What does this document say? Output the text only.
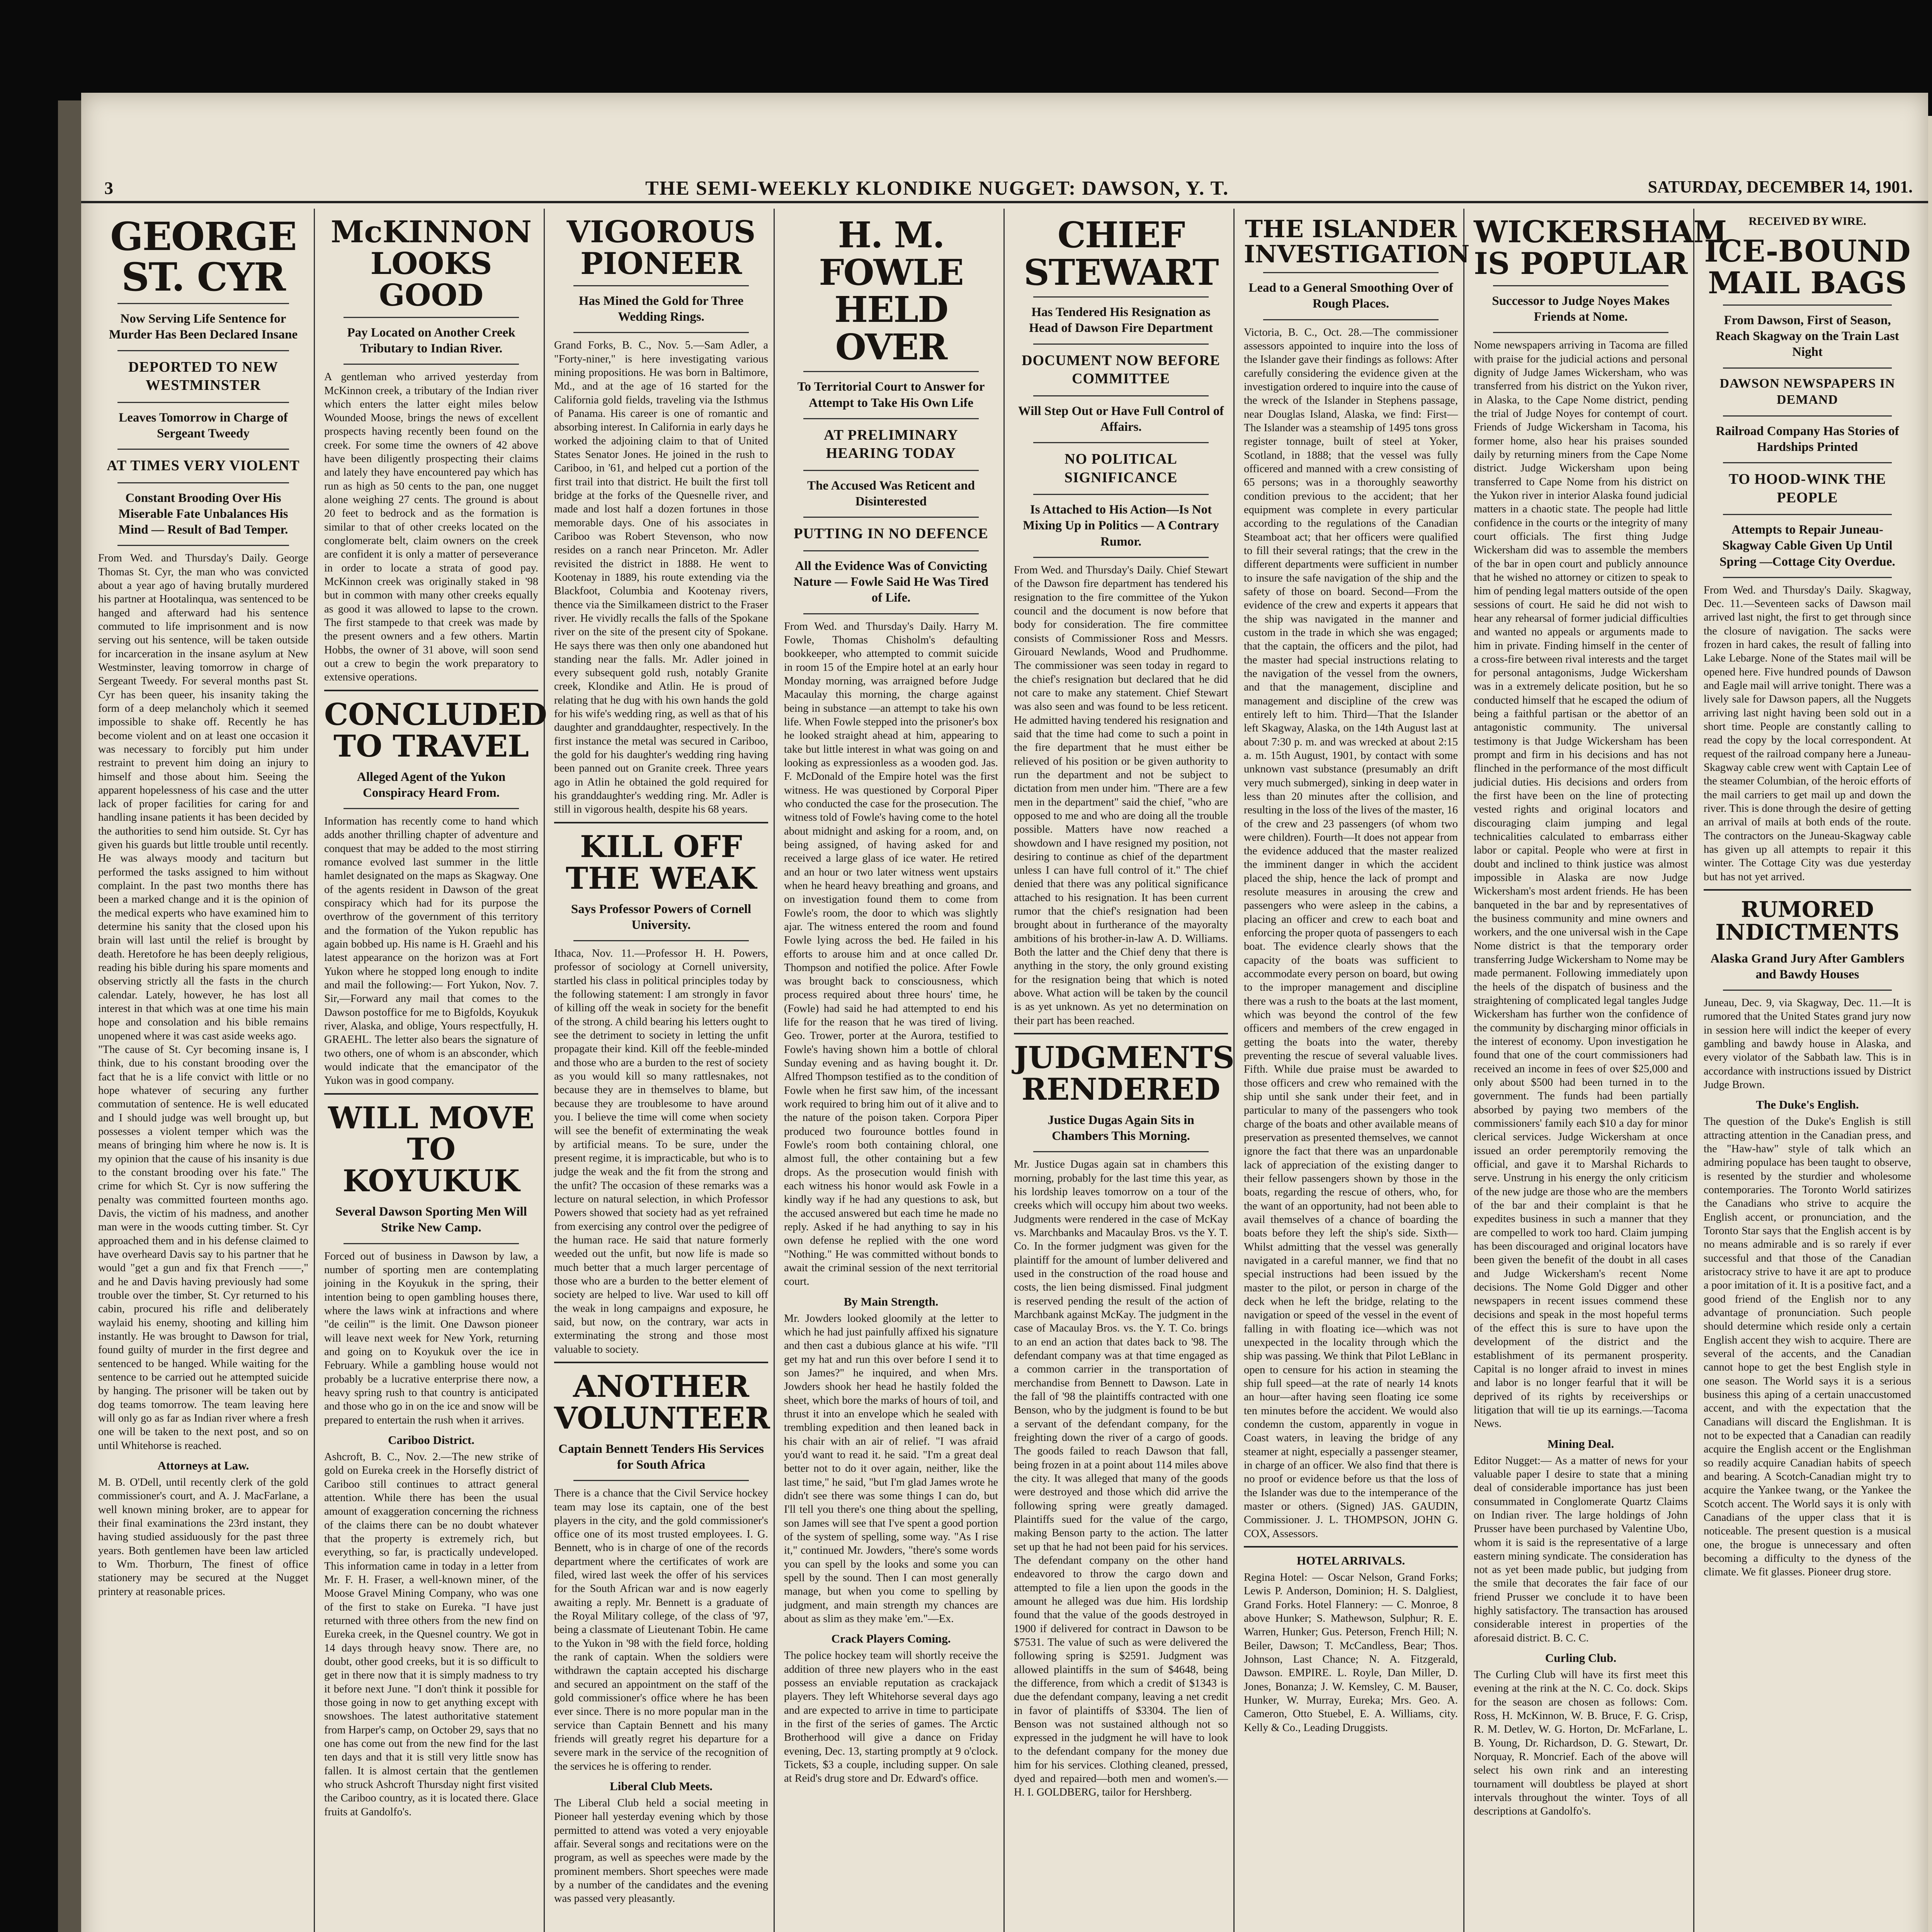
3	THE SEMI-WEEKLY KLONDIKE NUGGET: DAWSON, Y. T.	SATURDAY, DECEMBER 14, 1901.
GEORGE ST. CYR
Now Serving Life Sentence for Murder Has Been Declared Insane
DEPORTED TO NEW WESTMINSTER
Leaves Tomorrow in Charge of Sergeant Tweedy
AT TIMES VERY VIOLENT
Constant Brooding Over His Miserable Fate Unbalances His Mind — Result of Bad Temper.

From Wed. and Thursday's Daily. George Thomas St. Cyr, the man who was convicted about a year ago of having brutally murdered his partner at Hootalinqua, was sentenced to be hanged and afterward had his sentence commuted to life imprisonment and is now serving out his sentence, will be taken outside for incarceration in the insane asylum at New Westminster, leaving tomorrow in charge of Sergeant Tweedy. For several months past St. Cyr has been queer, his insanity taking the form of a deep melancholy which it seemed impossible to shake off. Recently he has become violent and on at least one occasion it was necessary to forcibly put him under restraint to prevent him doing an injury to himself and those about him. Seeing the apparent hopelessness of his case and the utter lack of proper facilities for caring for and handling insane patients it has been decided by the authorities to send him outside. St. Cyr has given his guards but little trouble until recently. He was always moody and taciturn but performed the tasks assigned to him without complaint. In the past two months there has been a marked change and it is the opinion of the medical experts who have examined him to determine his sanity that the closed upon his brain will last until the relief is brought by death. Heretofore he has been deeply religious, reading his bible during his spare moments and observing strictly all the fasts in the church calendar. Lately, however, he has lost all interest in that which was at one time his main hope and consolation and his bible remains unopened where it was cast aside weeks ago.

"The cause of St. Cyr becoming insane is, I think, due to his constant brooding over the fact that he is a life convict with little or no hope whatever of securing any further commutation of sentence. He is well educated and I should judge was well brought up, but possesses a violent temper which was the means of bringing him where he now is. It is my opinion that the cause of his insanity is due to the constant brooding over his fate." The crime for which St. Cyr is now suffering the penalty was committed fourteen months ago. Davis, the victim of his madness, and another man were in the woods cutting timber. St. Cyr approached them and in his defense claimed to have overheard Davis say to his partner that he would "get a gun and fix that French ——," and he and Davis having previously had some trouble over the timber, St. Cyr returned to his cabin, procured his rifle and deliberately waylaid his enemy, shooting and killing him instantly. He was brought to Dawson for trial, found guilty of murder in the first degree and sentenced to be hanged. While waiting for the sentence to be carried out he attempted suicide by hanging. The prisoner will be taken out by dog teams tomorrow. The team leaving here will only go as far as Indian river where a fresh one will be taken to the next post, and so on until Whitehorse is reached.

Attorneys at Law.

M. B. O'Dell, until recently clerk of the gold commissioner's court, and A. J. MacFarlane, a well known mining broker, are to appear for their final examinations the 23rd instant, they having studied assiduously for the past three years. Both gentlemen have been law articled to Wm. Thorburn, The finest of office stationery may be secured at the Nugget printery at reasonable prices.

McKINNON LOOKS GOOD
Pay Located on Another Creek Tributary to Indian River.

A gentleman who arrived yesterday from McKinnon creek, a tributary of the Indian river which enters the latter eight miles below Wounded Moose, brings the news of excellent prospects having recently been found on the creek. For some time the owners of 42 above have been diligently prospecting their claims and lately they have encountered pay which has run as high as 50 cents to the pan, one nugget alone weighing 27 cents. The ground is about 20 feet to bedrock and as the formation is similar to that of other creeks located on the conglomerate belt, claim owners on the creek are confident it is only a matter of perseverance in order to locate a strata of good pay. McKinnon creek was originally staked in '98 but in common with many other creeks equally as good it was allowed to lapse to the crown. The first stampede to that creek was made by the present owners and a few others. Martin Hobbs, the owner of 31 above, will soon send out a crew to begin the work preparatory to extensive operations.

CONCLUDED TO TRAVEL
Alleged Agent of the Yukon Conspiracy Heard From.

Information has recently come to hand which adds another thrilling chapter of adventure and conquest that may be added to the most stirring romance evolved last summer in the little hamlet designated on the maps as Skagway. One of the agents resident in Dawson of the great conspiracy which had for its purpose the overthrow of the government of this territory and the formation of the Yukon republic has again bobbed up. His name is H. Graehl and his latest appearance on the horizon was at Fort Yukon where he stopped long enough to indite and mail the following:— Fort Yukon, Nov. 7. Sir,—Forward any mail that comes to the Dawson postoffice for me to Bigfolds, Koyukuk river, Alaska, and oblige, Yours respectfully, H. GRAEHL. The letter also bears the signature of two others, one of whom is an absconder, which would indicate that the emancipator of the Yukon was in good company.

WILL MOVE TO KOYUKUK
Several Dawson Sporting Men Will Strike New Camp.

Forced out of business in Dawson by law, a number of sporting men are contemplating joining in the Koyukuk in the spring, their intention being to open gambling houses there, where the laws wink at infractions and where "de ceilin'" is the limit. One Dawson pioneer will leave next week for New York, returning and going on to Koyukuk over the ice in February. While a gambling house would not probably be a lucrative enterprise there now, a heavy spring rush to that country is anticipated and those who go in on the ice and snow will be prepared to entertain the rush when it arrives.

Cariboo District.

Ashcroft, B. C., Nov. 2.—The new strike of gold on Eureka creek in the Horsefly district of Cariboo still continues to attract general attention. While there has been the usual amount of exaggeration concerning the richness of the claims there can be no doubt whatever that the property is extremely rich, but everything, so far, is practically undeveloped. This information came in today in a letter from Mr. F. H. Fraser, a well-known miner, of the Moose Gravel Mining Company, who was one of the first to stake on Eureka. "I have just returned with three others from the new find on Eureka creek, in the Quesnel country. We got in 14 days through heavy snow. There are, no doubt, other good creeks, but it is so difficult to get in there now that it is simply madness to try it before next June. "I don't think it possible for those going in now to get anything except with snowshoes. The latest authoritative statement from Harper's camp, on October 29, says that no one has come out from the new find for the last ten days and that it is still very little snow has fallen. It is almost certain that the gentlemen who struck Ashcroft Thursday night first visited the Cariboo country, as it is located there. Glace fruits at Gandolfo's.

VIGOROUS PIONEER
Has Mined the Gold for Three Wedding Rings.

Grand Forks, B. C., Nov. 5.—Sam Adler, a "Forty-niner," is here investigating various mining propositions. He was born in Baltimore, Md., and at the age of 16 started for the California gold fields, traveling via the Isthmus of Panama. His career is one of romantic and absorbing interest. In California in early days he worked the adjoining claim to that of United States Senator Jones. He joined in the rush to Cariboo, in '61, and helped cut a portion of the first trail into that district. He built the first toll bridge at the forks of the Quesnelle river, and made and lost half a dozen fortunes in those memorable days. One of his associates in Cariboo was Robert Stevenson, who now resides on a ranch near Princeton. Mr. Adler revisited the district in 1888. He went to Kootenay in 1889, his route extending via the Blackfoot, Columbia and Kootenay rivers, thence via the Similkameen district to the Fraser river. He vividly recalls the falls of the Spokane river on the site of the present city of Spokane. He says there was then only one abandoned hut standing near the falls. Mr. Adler joined in every subsequent gold rush, notably Granite creek, Klondike and Atlin. He is proud of relating that he dug with his own hands the gold for his wife's wedding ring, as well as that of his daughter and granddaughter, respectively. In the first instance the metal was secured in Cariboo, the gold for his daughter's wedding ring having been panned out on Granite creek. Three years ago in Atlin he obtained the gold required for his granddaughter's wedding ring. Mr. Adler is still in vigorous health, despite his 68 years.

KILL OFF THE WEAK
Says Professor Powers of Cornell University.

Ithaca, Nov. 11.—Professor H. H. Powers, professor of sociology at Cornell university, startled his class in political principles today by the following statement: I am strongly in favor of killing off the weak in society for the benefit of the strong. A child bearing his letters ought to see the detriment to society in letting the unfit propagate their kind. Kill off the feeble-minded and those who are a burden to the rest of society as you would kill so many rattlesnakes, not because they are in themselves to blame, but because they are troublesome to have around you. I believe the time will come when society will see the benefit of exterminating the weak by artificial means. To be sure, under the present regime, it is impracticable, but who is to judge the weak and the fit from the strong and the unfit? The occasion of these remarks was a lecture on natural selection, in which Professor Powers showed that society had as yet refrained from exercising any control over the pedigree of the human race. He said that nature formerly weeded out the unfit, but now life is made so much better that a much larger percentage of those who are a burden to the better element of society are helped to live. War used to kill off the weak in long campaigns and exposure, he said, but now, on the contrary, war acts in exterminating the strong and those most valuable to society.

ANOTHER VOLUNTEER
Captain Bennett Tenders His Services for South Africa

There is a chance that the Civil Service hockey team may lose its captain, one of the best players in the city, and the gold commissioner's office one of its most trusted employees. I. G. Bennett, who is in charge of one of the records department where the certificates of work are filed, wired last week the offer of his services for the South African war and is now eagerly awaiting a reply. Mr. Bennett is a graduate of the Royal Military college, of the class of '97, being a classmate of Lieutenant Tobin. He came to the Yukon in '98 with the field force, holding the rank of captain. When the soldiers were withdrawn the captain accepted his discharge and secured an appointment on the staff of the gold commissioner's office where he has been ever since. There is no more popular man in the service than Captain Bennett and his many friends will greatly regret his departure for a severe mark in the service of the recognition of the services he is offering to render.

Liberal Club Meets.

The Liberal Club held a social meeting in Pioneer hall yesterday evening which by those permitted to attend was voted a very enjoyable affair. Several songs and recitations were on the program, as well as speeches were made by the prominent members. Short speeches were made by a number of the candidates and the evening was passed very pleasantly.

H. M. FOWLE HELD OVER
To Territorial Court to Answer for Attempt to Take His Own Life
AT PRELIMINARY HEARING TODAY
The Accused Was Reticent and Disinterested
PUTTING IN NO DEFENCE
All the Evidence Was of Convicting Nature — Fowle Said He Was Tired of Life.

From Wed. and Thursday's Daily. Harry M. Fowle, Thomas Chisholm's defaulting bookkeeper, who attempted to commit suicide in room 15 of the Empire hotel at an early hour Monday morning, was arraigned before Judge Macaulay this morning, the charge against being in substance —an attempt to take his own life. When Fowle stepped into the prisoner's box he looked straight ahead at him, appearing to take but little interest in what was going on and looking as expressionless as a wooden god. Jas. F. McDonald of the Empire hotel was the first witness. He was questioned by Corporal Piper who conducted the case for the prosecution. The witness told of Fowle's having come to the hotel about midnight and asking for a room, and, on being assigned, of having asked for and received a large glass of ice water. He retired and an hour or two later witness went upstairs when he heard heavy breathing and groans, and on investigation found them to come from Fowle's room, the door to which was slightly ajar. The witness entered the room and found Fowle lying across the bed. He failed in his efforts to arouse him and at once called Dr. Thompson and notified the police. After Fowle was brought back to consciousness, which process required about three hours' time, he (Fowle) had said he had attempted to end his life for the reason that he was tired of living. Geo. Trower, porter at the Aurora, testified to Fowle's having shown him a bottle of chloral Sunday evening and as having bought it. Dr. Alfred Thompson testified as to the condition of Fowle when he first saw him, of the incessant work required to bring him out of it alive and to the nature of the poison taken. Corpora Piper produced two fourounce bottles found in Fowle's room both containing chloral, one almost full, the other containing but a few drops. As the prosecution would finish with each witness his honor would ask Fowle in a kindly way if he had any questions to ask, but the accused answered but each time he made no reply. Asked if he had anything to say in his own defense he replied with the one word "Nothing." He was committed without bonds to await the criminal session of the next territorial court.

By Main Strength.

Mr. Jowders looked gloomily at the letter to which he had just painfully affixed his signature and then cast a dubious glance at his wife. "I'll get my hat and run this over before I send it to son James?" he inquired, and when Mrs. Jowders shook her head he hastily folded the sheet, which bore the marks of hours of toil, and thrust it into an envelope which he sealed with trembling expedition and then leaned back in his chair with an air of relief. "I was afraid you'd want to read it. he said. "I'm a great deal better not to do it over again, neither, like the last time," he said, "but I'm glad James wrote he didn't see there was some things I can do, but I'll tell you there's one thing about the spelling, son James will see that I've spent a good portion of the system of spelling, some way. "As I rise it," continued Mr. Jowders, "there's some words you can spell by the looks and some you can spell by the sound. Then I can most generally manage, but when you come to spelling by judgment, and main strength my chances are about as slim as they make 'em."—Ex.

Crack Players Coming.

The police hockey team will shortly receive the addition of three new players who in the east possess an enviable reputation as crackajack players. They left Whitehorse several days ago and are expected to arrive in time to participate in the first of the series of games. The Arctic Brotherhood will give a dance on Friday evening, Dec. 13, starting promptly at 9 o'clock. Tickets, $3 a couple, including supper. On sale at Reid's drug store and Dr. Edward's office.

CHIEF STEWART
Has Tendered His Resignation as Head of Dawson Fire Department
DOCUMENT NOW BEFORE COMMITTEE
Will Step Out or Have Full Control of Affairs.
NO POLITICAL SIGNIFICANCE
Is Attached to His Action—Is Not Mixing Up in Politics — A Contrary Rumor.

From Wed. and Thursday's Daily. Chief Stewart of the Dawson fire department has tendered his resignation to the fire committee of the Yukon council and the document is now before that body for consideration. The fire committee consists of Commissioner Ross and Messrs. Girouard Newlands, Wood and Prudhomme. The commissioner was seen today in regard to the chief's resignation but declared that he did not care to make any statement. Chief Stewart was also seen and was found to be less reticent. He admitted having tendered his resignation and said that the time had come to such a point in the fire department that he must either be relieved of his position or be given authority to run the department and not be subject to dictation from men under him. "There are a few men in the department" said the chief, "who are opposed to me and who are doing all the trouble possible. Matters have now reached a showdown and I have resigned my position, not desiring to continue as chief of the department unless I can have full control of it." The chief denied that there was any political significance attached to his resignation. It has been current rumor that the chief's resignation had been brought about in furtherance of the mayoralty ambitions of his brother-in-law A. D. Williams. Both the latter and the Chief deny that there is anything in the story, the only ground existing for the resignation being that which is noted above. What action will be taken by the council is as yet unknown. As yet no determination on their part has been reached.

JUDGMENTS RENDERED
Justice Dugas Again Sits in Chambers This Morning.

Mr. Justice Dugas again sat in chambers this morning, probably for the last time this year, as his lordship leaves tomorrow on a tour of the creeks which will occupy him about two weeks. Judgments were rendered in the case of McKay vs. Marchbanks and Macaulay Bros. vs the Y. T. Co. In the former judgment was given for the plaintiff for the amount of lumber delivered and used in the construction of the road house and costs, the lien being dismissed. Final judgment is reserved pending the result of the action of Marchbank against McKay. The judgment in the case of Macaulay Bros. vs. the Y. T. Co. brings to an end an action that dates back to '98. The defendant company was at that time engaged as a common carrier in the transportation of merchandise from Bennett to Dawson. Late in the fall of '98 the plaintiffs contracted with one Benson, who by the judgment is found to be but a servant of the defendant company, for the freighting down the river of a cargo of goods. The goods failed to reach Dawson that fall, being frozen in at a point about 114 miles above the city. It was alleged that many of the goods were destroyed and those which did arrive the following spring were greatly damaged. Plaintiffs sued for the value of the cargo, making Benson party to the action. The latter set up that he had not been paid for his services. The defendant company on the other hand endeavored to throw the cargo down and attempted to file a lien upon the goods in the amount he alleged was due him. His lordship found that the value of the goods destroyed in 1900 if delivered for contract in Dawson to be $7531. The value of such as were delivered the following spring is $2591. Judgment was allowed plaintiffs in the sum of $4648, being the difference, from which a credit of $1343 is due the defendant company, leaving a net credit in favor of plaintiffs of $3304. The lien of Benson was not sustained although not so expressed in the judgment he will have to look to the defendant company for the money due him for his services. Clothing cleaned, pressed, dyed and repaired—both men and women's.—H. I. GOLDBERG, tailor for Hershberg.

THE ISLANDER INVESTIGATION
Lead to a General Smoothing Over of Rough Places.

Victoria, B. C., Oct. 28.—The commissioner assessors appointed to inquire into the loss of the Islander gave their findings as follows: After carefully considering the evidence given at the investigation ordered to inquire into the cause of the wreck of the Islander in Stephens passage, near Douglas Island, Alaska, we find: First—The Islander was a steamship of 1495 tons gross register tonnage, built of steel at Yoker, Scotland, in 1888; that the vessel was fully officered and manned with a crew consisting of 65 persons; was in a thoroughly seaworthy condition previous to the accident; that her equipment was complete in every particular according to the regulations of the Canadian Steamboat act; that her officers were qualified to fill their several ratings; that the crew in the different departments were sufficient in number to insure the safe navigation of the ship and the safety of those on board. Second—From the evidence of the crew and experts it appears that the ship was navigated in the manner and custom in the trade in which she was engaged; that the captain, the officers and the pilot, had the master had special instructions relating to the navigation of the vessel from the owners, and that the management, discipline and management and discipline of the crew was entirely left to him. Third—That the Islander left Skagway, Alaska, on the 14th August last at about 7:30 p. m. and was wrecked at about 2:15 a. m. 15th August, 1901, by contact with some unknown vast substance (presumably an drift very much submerged), sinking in deep water in less than 20 minutes after the collision, and resulting in the loss of the lives of the master, 16 of the crew and 23 passengers (of whom two were children). Fourth—It does not appear from the evidence adduced that the master realized the imminent danger in which the accident placed the ship, hence the lack of prompt and resolute measures in arousing the crew and passengers who were asleep in the cabins, a placing an officer and crew to each boat and enforcing the proper quota of passengers to each boat. The evidence clearly shows that the capacity of the boats was sufficient to accommodate every person on board, but owing to the improper management and discipline there was a rush to the boats at the last moment, which was beyond the control of the few officers and members of the crew engaged in getting the boats into the water, thereby preventing the rescue of several valuable lives. Fifth. While due praise must be awarded to those officers and crew who remained with the ship until she sank under their feet, and in particular to many of the passengers who took charge of the boats and other available means of preservation as presented themselves, we cannot ignore the fact that there was an unpardonable lack of appreciation of the existing danger to their fellow passengers shown by those in the boats, regarding the rescue of others, who, for the want of an opportunity, had not been able to avail themselves of a chance of boarding the boats before they left the ship's side. Sixth—Whilst admitting that the vessel was generally navigated in a careful manner, we find that no special instructions had been issued by the master to the pilot, or person in charge of the deck when he left the bridge, relating to the navigation or speed of the vessel in the event of falling in with floating ice—which was not unexpected in the locality through which the ship was passing. We think that Pilot LeBlanc in open to censure for his action in steaming the ship full speed—at the rate of nearly 14 knots an hour—after having seen floating ice some ten minutes before the accident. We would also condemn the custom, apparently in vogue in Coast waters, in leaving the bridge of any steamer at night, especially a passenger steamer, in charge of an officer. We also find that there is no proof or evidence before us that the loss of the Islander was due to the intemperance of the master or others. (Signed) JAS. GAUDIN, Commissioner. J. L. THOMPSON, JOHN G. COX, Assessors.

HOTEL ARRIVALS.

Regina Hotel: — Oscar Nelson, Grand Forks; Lewis P. Anderson, Dominion; H. S. Dalgliest, Grand Forks. Hotel Flannery: — C. Monroe, 8 above Hunker; S. Mathewson, Sulphur; R. E. Warren, Hunker; Gus. Peterson, French Hill; N. Beiler, Dawson; T. McCandless, Bear; Thos. Johnson, Last Chance; N. A. Fitzgerald, Dawson. EMPIRE. L. Royle, Dan Miller, D. Jones, Bonanza; J. W. Kemsley, C. M. Bauser, Hunker, W. Murray, Eureka; Mrs. Geo. A. Cameron, Otto Stuebel, E. A. Williams, city. Kelly & Co., Leading Druggists.

WICKERSHAM IS POPULAR
Successor to Judge Noyes Makes Friends at Nome.

Nome newspapers arriving in Tacoma are filled with praise for the judicial actions and personal dignity of Judge James Wickersham, who was transferred from his district on the Yukon river, in Alaska, to the Cape Nome district, pending the trial of Judge Noyes for contempt of court. Friends of Judge Wickersham in Tacoma, his former home, also hear his praises sounded daily by returning miners from the Cape Nome district. Judge Wickersham upon being transferred to Cape Nome from his district on the Yukon river in interior Alaska found judicial matters in a chaotic state. The people had little confidence in the courts or the integrity of many court officials. The first thing Judge Wickersham did was to assemble the members of the bar in open court and publicly announce that he wished no attorney or citizen to speak to him of pending legal matters outside of the open sessions of court. He said he did not wish to hear any rehearsal of former judicial difficulties and wanted no appeals or arguments made to him in private. Finding himself in the center of a cross-fire between rival interests and the target for personal antagonisms, Judge Wickersham was in a extremely delicate position, but he so conducted himself that he escaped the odium of being a faithful partisan or the abettor of an antagonistic community. The universal testimony is that Judge Wickersham has been prompt and firm in his decisions and has not flinched in the performance of the most difficult judicial duties. His decisions and orders from the first have been on the line of protecting vested rights and original locators and discouraging claim jumping and legal technicalities calculated to embarrass either labor or capital. People who were at first in doubt and inclined to think justice was almost impossible in Alaska are now Judge Wickersham's most ardent friends. He has been banqueted in the bar and by representatives of the business community and mine owners and workers, and the one universal wish in the Cape Nome district is that the temporary order transferring Judge Wickersham to Nome may be made permanent. Following immediately upon the heels of the dispatch of business and the straightening of complicated legal tangles Judge Wickersham has further won the confidence of the community by discharging minor officials in the interest of economy. Upon investigation he found that one of the court commissioners had received an income in fees of over $25,000 and only about $500 had been turned in to the government. The funds had been partially absorbed by paying two members of the commissioners' family each $10 a day for minor clerical services. Judge Wickersham at once issued an order peremptorily removing the official, and gave it to Marshal Richards to serve. Unstrung in his energy the only criticism of the new judge are those who are the members of the bar and their complaint is that he expedites business in such a manner that they are compelled to work too hard. Claim jumping has been discouraged and original locators have been given the benefit of the doubt in all cases and Judge Wickersham's recent Nome decisions. The Nome Gold Digger and other newspapers in recent issues commend these decisions and speak in the most hopeful terms of the effect this is sure to have upon the development of the district and the establishment of its permanent prosperity. Capital is no longer afraid to invest in mines and labor is no longer fearful that it will be deprived of its rights by receiverships or litigation that will tie up its earnings.—Tacoma News.

Mining Deal.

Editor Nugget:— As a matter of news for your valuable paper I desire to state that a mining deal of considerable importance has just been consummated in Conglomerate Quartz Claims on Indian river. The large holdings of John Prusser have been purchased by Valentine Ubo, whom it is said is the representative of a large eastern mining syndicate. The consideration has not as yet been made public, but judging from the smile that decorates the fair face of our friend Prusser we conclude it to have been highly satisfactory. The transaction has aroused considerable interest in properties of the aforesaid district. B. C. C.

Curling Club.

The Curling Club will have its first meet this evening at the rink at the N. C. Co. dock. Skips for the season are chosen as follows: Com. Ross, H. McKinnon, W. B. Bruce, F. G. Crisp, R. M. Detlev, W. G. Horton, Dr. McFarlane, L. B. Young, Dr. Richardson, D. G. Stewart, Dr. Norquay, R. Moncrief. Each of the above will select his own rink and an interesting tournament will doubtless be played at short intervals throughout the winter. Toys of all descriptions at Gandolfo's.

RECEIVED BY WIRE.
ICE-BOUND MAIL BAGS
From Dawson, First of Season, Reach Skagway on the Train Last Night
DAWSON NEWSPAPERS IN DEMAND
Railroad Company Has Stories of Hardships Printed
TO HOOD-WINK THE PEOPLE
Attempts to Repair Juneau-Skagway Cable Given Up Until Spring —Cottage City Overdue.

From Wed. and Thursday's Daily. Skagway, Dec. 11.—Seventeen sacks of Dawson mail arrived last night, the first to get through since the closure of navigation. The sacks were frozen in hard cakes, the result of falling into Lake Lebarge. None of the States mail will be opened here. Five hundred pounds of Dawson and Eagle mail will arrive tonight. There was a lively sale for Dawson papers, all the Nuggets arriving last night having been sold out in a short time. People are constantly calling to read the copy by the local correspondent. At request of the railroad company here a Juneau-Skagway cable crew went with Captain Lee of the steamer Columbian, of the heroic efforts of the mail carriers to get mail up and down the river. This is done through the desire of getting an arrival of mails at both ends of the route. The contractors on the Juneau-Skagway cable has given up all attempts to repair it this winter. The Cottage City was due yesterday but has not yet arrived.

RUMORED INDICTMENTS
Alaska Grand Jury After Gamblers and Bawdy Houses

Juneau, Dec. 9, via Skagway, Dec. 11.—It is rumored that the United States grand jury now in session here will indict the keeper of every gambling and bawdy house in Alaska, and every violator of the Sabbath law. This is in accordance with instructions issued by District Judge Brown.

The Duke's English.

The question of the Duke's English is still attracting attention in the Canadian press, and the "Haw-haw" style of talk which an admiring populace has been taught to observe, is resented by the sturdier and wholesome contemporaries. The Toronto World satirizes the Canadians who strive to acquire the English accent, or pronunciation, and the Toronto Star says that the English accent is by no means admirable and is so rarely if ever successful and that those of the Canadian aristocracy strive to have it are apt to produce a poor imitation of it. It is a positive fact, and a good friend of the English nor to any advantage of pronunciation. Such people should determine which reside only a certain English accent they wish to acquire. There are several of the accents, and the Canadian cannot hope to get the best English style in one season. The World says it is a serious business this aping of a certain unaccustomed accent, and with the expectation that the Canadians will discard the Englishman. It is not to be expected that a Canadian can readily acquire the English accent or the Englishman so readily acquire Canadian habits of speech and bearing. A Scotch-Canadian might try to acquire the Yankee twang, or the Yankee the Scotch accent. The World says it is only with Canadians of the upper class that it is noticeable. The present question is a musical one, the brogue is unnecessary and often becoming a difficulty to the dyness of the climate. We fit glasses. Pioneer drug store.
